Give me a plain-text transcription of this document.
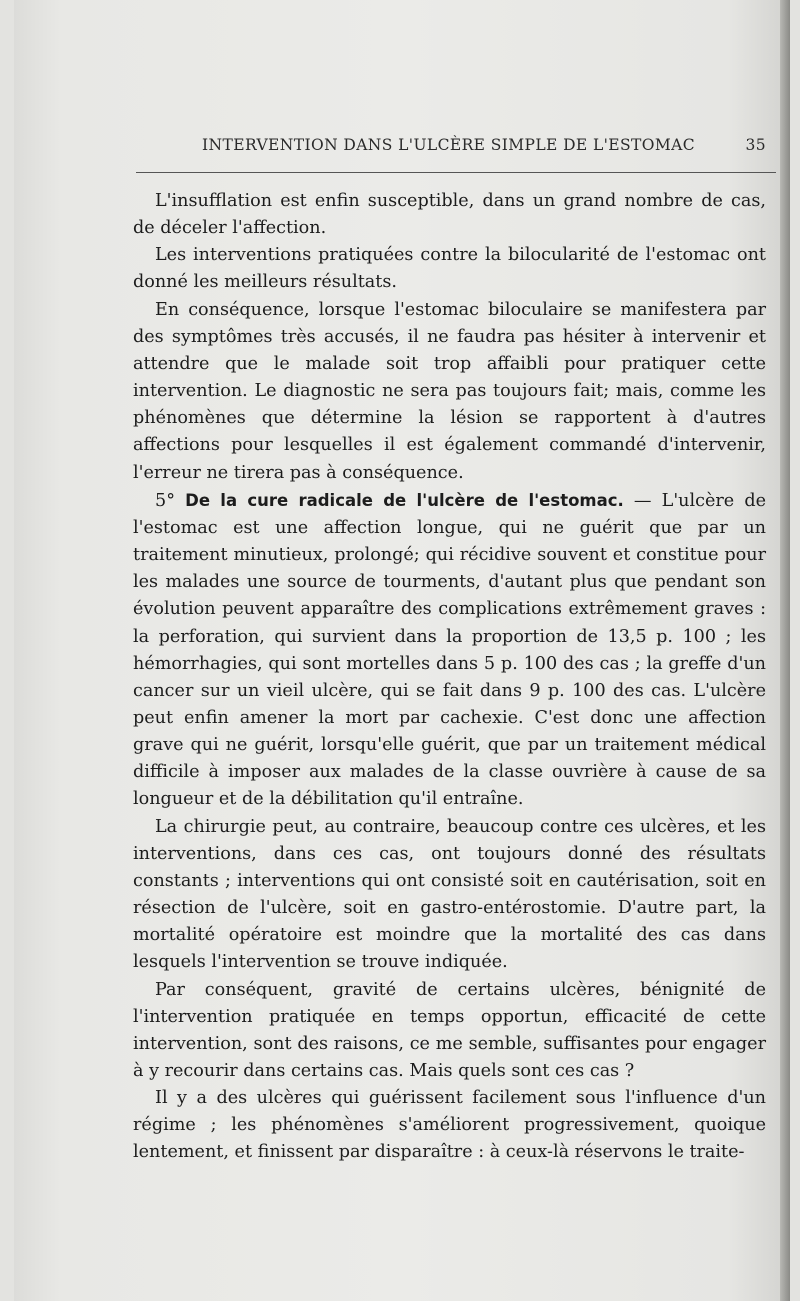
INTERVENTION DANS L'ULCÈRE SIMPLE DE L'ESTOMAC	35

L'insufflation est enfin susceptible, dans un grand nombre de cas, de déceler l'affection.

Les interventions pratiquées contre la bilocularité de l'estomac ont donné les meilleurs résultats.

En conséquence, lorsque l'estomac biloculaire se manifestera par des symptômes très accusés, il ne faudra pas hésiter à intervenir et attendre que le malade soit trop affaibli pour pratiquer cette intervention. Le diagnostic ne sera pas toujours fait; mais, comme les phénomènes que détermine la lésion se rapportent à d'autres affections pour lesquelles il est également commandé d'intervenir, l'erreur ne tirera pas à conséquence.

5° De la cure radicale de l'ulcère de l'estomac. — L'ulcère de l'estomac est une affection longue, qui ne guérit que par un traitement minutieux, prolongé; qui récidive souvent et constitue pour les malades une source de tourments, d'autant plus que pendant son évolution peuvent apparaître des complications extrêmement graves : la perforation, qui survient dans la proportion de 13,5 p. 100 ; les hémorrhagies, qui sont mortelles dans 5 p. 100 des cas ; la greffe d'un cancer sur un vieil ulcère, qui se fait dans 9 p. 100 des cas. L'ulcère peut enfin amener la mort par cachexie. C'est donc une affection grave qui ne guérit, lorsqu'elle guérit, que par un traitement médical difficile à imposer aux malades de la classe ouvrière à cause de sa longueur et de la débilitation qu'il entraîne.

La chirurgie peut, au contraire, beaucoup contre ces ulcères, et les interventions, dans ces cas, ont toujours donné des résultats constants ; interventions qui ont consisté soit en cautérisation, soit en résection de l'ulcère, soit en gastro-entérostomie. D'autre part, la mortalité opératoire est moindre que la mortalité des cas dans lesquels l'intervention se trouve indiquée.

Par conséquent, gravité de certains ulcères, bénignité de l'intervention pratiquée en temps opportun, efficacité de cette intervention, sont des raisons, ce me semble, suffisantes pour engager à y recourir dans certains cas. Mais quels sont ces cas ?

Il y a des ulcères qui guérissent facilement sous l'influence d'un régime ; les phénomènes s'améliorent progressivement, quoique lentement, et finissent par disparaître : à ceux-là réservons le traite-
